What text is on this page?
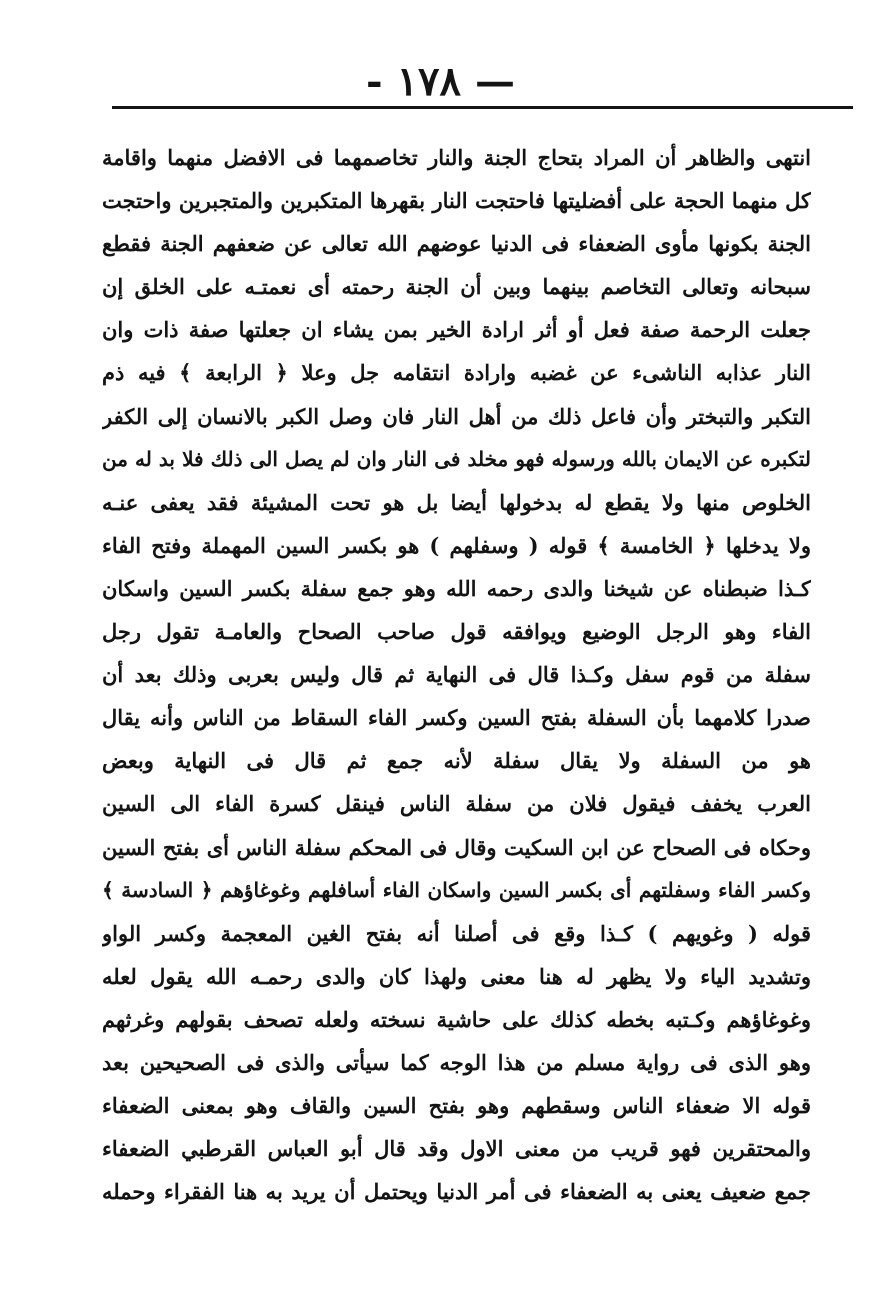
— ١٧٨ -
انتهى والظاهر أن المراد بتحاج الجنة والنار تخاصمهما فى الافضل منهما واقامة
كل منهما الحجة على أفضليتها فاحتجت النار بقهرها المتكبرين والمتجبرين واحتجت
الجنة بكونها مأوى الضعفاء فى الدنيا عوضهم الله تعالى عن ضعفهم الجنة فقطع
سبحانه وتعالى التخاصم بينهما وبين أن الجنة رحمته أى نعمتـه على الخلق إن
جعلت الرحمة صفة فعل أو أثر ارادة الخير بمن يشاء ان جعلتها صفة ذات وان
النار عذابه الناشىء عن غضبه وارادة انتقامه جل وعلا ﴿ الرابعة ﴾ فيه ذم
التكبر والتبختر وأن فاعل ذلك من أهل النار فان وصل الكبر بالانسان إلى الكفر
لتكبره عن الايمان بالله ورسوله فهو مخلد فى النار وان لم يصل الى ذلك فلا بد له من
الخلوص منها ولا يقطع له بدخولها أيضا بل هو تحت المشيئة فقد يعفى عنـه
ولا يدخلها ﴿ الخامسة ﴾ قوله ( وسفلهم ) هو بكسر السين المهملة وفتح الفاء
كـذا ضبطناه عن شيخنا والدى رحمه الله وهو جمع سفلة بكسر السين واسكان
الفاء وهو الرجل الوضيع ويوافقه قول صاحب الصحاح والعامـة تقول رجل
سفلة من قوم سفل وكـذا قال فى النهاية ثم قال وليس بعربى وذلك بعد أن
صدرا كلامهما بأن السفلة بفتح السين وكسر الفاء السقاط من الناس وأنه يقال
هو من السفلة ولا يقال سفلة لأنه جمع ثم قال فى النهاية وبعض
العرب يخفف فيقول فلان من سفلة الناس فينقل كسرة الفاء الى السين
وحكاه فى الصحاح عن ابن السكيت وقال فى المحكم سفلة الناس أى بفتح السين
وكسر الفاء وسفلتهم أى بكسر السين واسكان الفاء أسافلهم وغوغاؤهم ﴿ السادسة ﴾
قوله ( وغويهم ) كـذا وقع فى أصلنا أنه بفتح الغين المعجمة وكسر الواو
وتشديد الياء ولا يظهر له هنا معنى ولهذا كان والدى رحمـه الله يقول لعله
وغوغاؤهم وكـتبه بخطه كذلك على حاشية نسخته ولعله تصحف بقولهم وغرثهم
وهو الذى فى رواية مسلم من هذا الوجه كما سيأتى والذى فى الصحيحين بعد
قوله الا ضعفاء الناس وسقطهم وهو بفتح السين والقاف وهو بمعنى الضعفاء
والمحتقرين فهو قريب من معنى الاول وقد قال أبو العباس القرطبي الضعفاء
جمع ضعيف يعنى به الضعفاء فى أمر الدنيا ويحتمل أن يريد به هنا الفقراء وحمله
